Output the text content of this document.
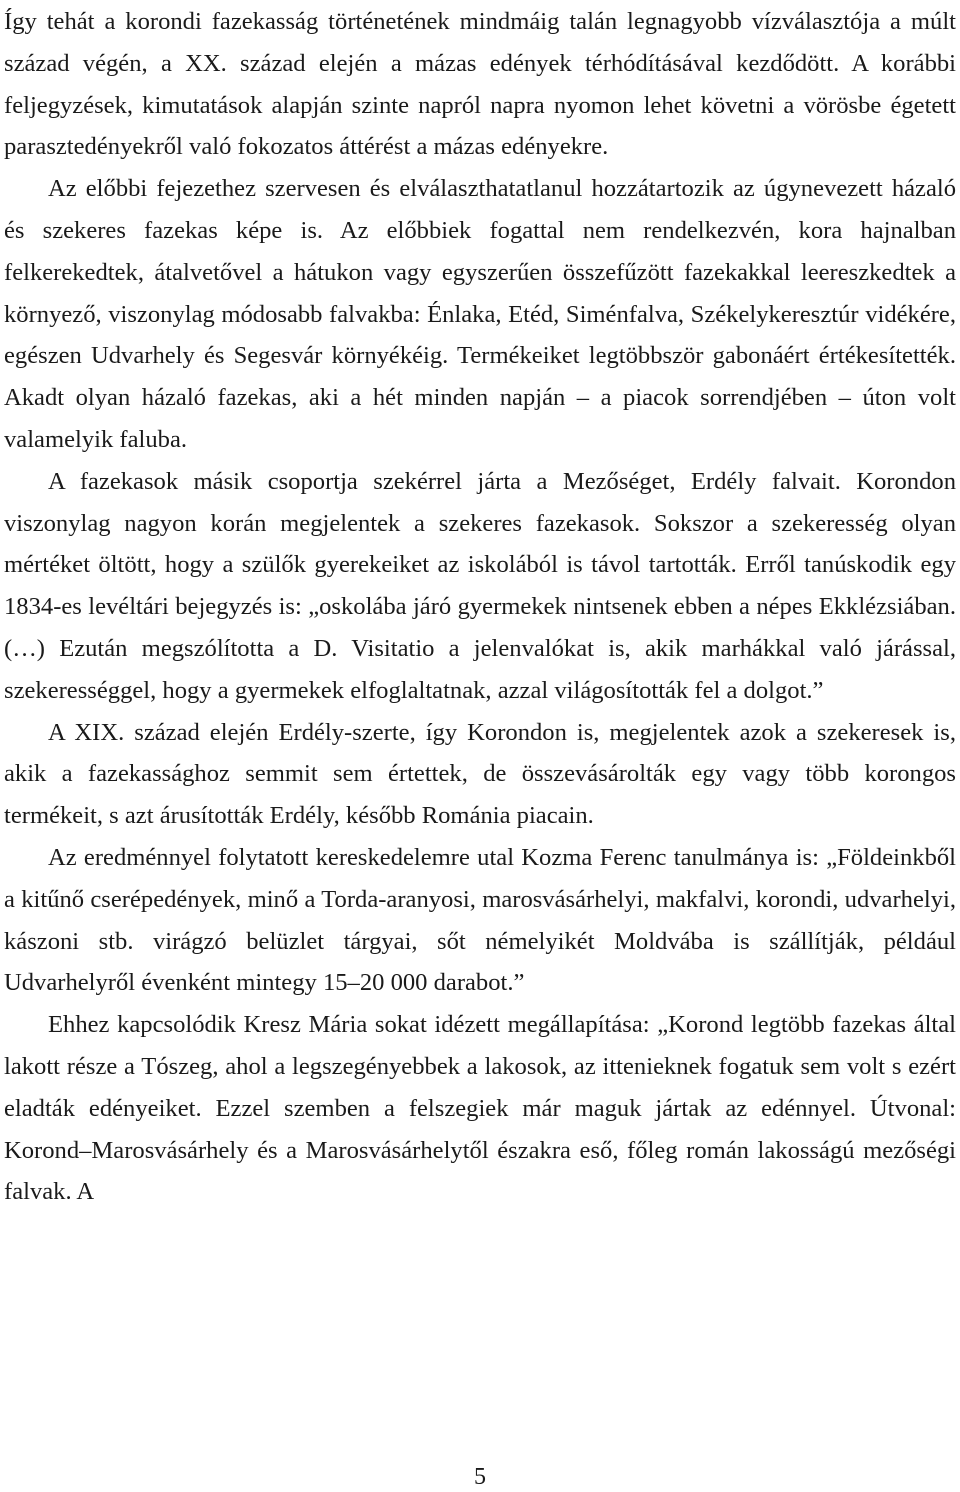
Így tehát a korondi fazekasság történetének mindmáig talán legnagyobb vízválasztója a múlt század végén, a XX. század elején a mázas edények térhódításával kezdődött. A korábbi feljegyzések, kimutatások alapján szinte napról napra nyomon lehet követni a vörösbe égetett parasztedényekről való fokozatos áttérést a mázas edényekre.

Az előbbi fejezethez szervesen és elválaszthatatlanul hozzátartozik az úgynevezett házaló és szekeres fazekas képe is. Az előbbiek fogattal nem rendelkezvén, kora hajnalban felkerekedtek, átalvetővel a hátukon vagy egyszerűen összefűzött fazekakkal leereszkedtek a környező, viszonylag módosabb falvakba: Énlaka, Etéd, Siménfalva, Székelykeresztúr vidékére, egészen Udvarhely és Segesvár környékéig. Termékeiket legtöbbször gabonáért értékesítették. Akadt olyan házaló fazekas, aki a hét minden napján – a piacok sorrendjében – úton volt valamelyik faluba.

A fazekasok másik csoportja szekérrel járta a Mezőséget, Erdély falvait. Korondon viszonylag nagyon korán megjelentek a szekeres fazekasok. Sokszor a szekeresség olyan mértéket öltött, hogy a szülők gyerekeiket az iskolából is távol tartották. Erről tanúskodik egy 1834-es levéltári bejegyzés is: „oskolába járó gyermekek nintsenek ebben a népes Ekklézsiában. (…) Ezután megszólította a D. Visitatio a jelenvalókat is, akik marhákkal való járással, szekerességgel, hogy a gyermekek elfoglaltatnak, azzal világosították fel a dolgot.”

A XIX. század elején Erdély-szerte, így Korondon is, megjelentek azok a szekeresek is, akik a fazekassághoz semmit sem értettek, de összevásárolták egy vagy több korongos termékeit, s azt árusították Erdély, később Románia piacain.

Az eredménnyel folytatott kereskedelemre utal Kozma Ferenc tanulmánya is: „Földeinkből a kitűnő cserépedények, minő a Torda-aranyosi, marosvásárhelyi, makfalvi, korondi, udvarhelyi, kászoni stb. virágzó belüzlet tárgyai, sőt némelyikét Moldvába is szállítják, például Udvarhelyről évenként mintegy 15–20 000 darabot.”

Ehhez kapcsolódik Kresz Mária sokat idézett megállapítása: „Korond legtöbb fazekas által lakott része a Tószeg, ahol a legszegényebbek a lakosok, az ittenieknek fogatuk sem volt s ezért eladták edényeiket. Ezzel szemben a felszegiek már maguk jártak az edénnyel. Útvonal: Korond–Marosvásárhely és a Marosvásárhelytől északra eső, főleg román lakosságú mezőségi falvak. A

5
